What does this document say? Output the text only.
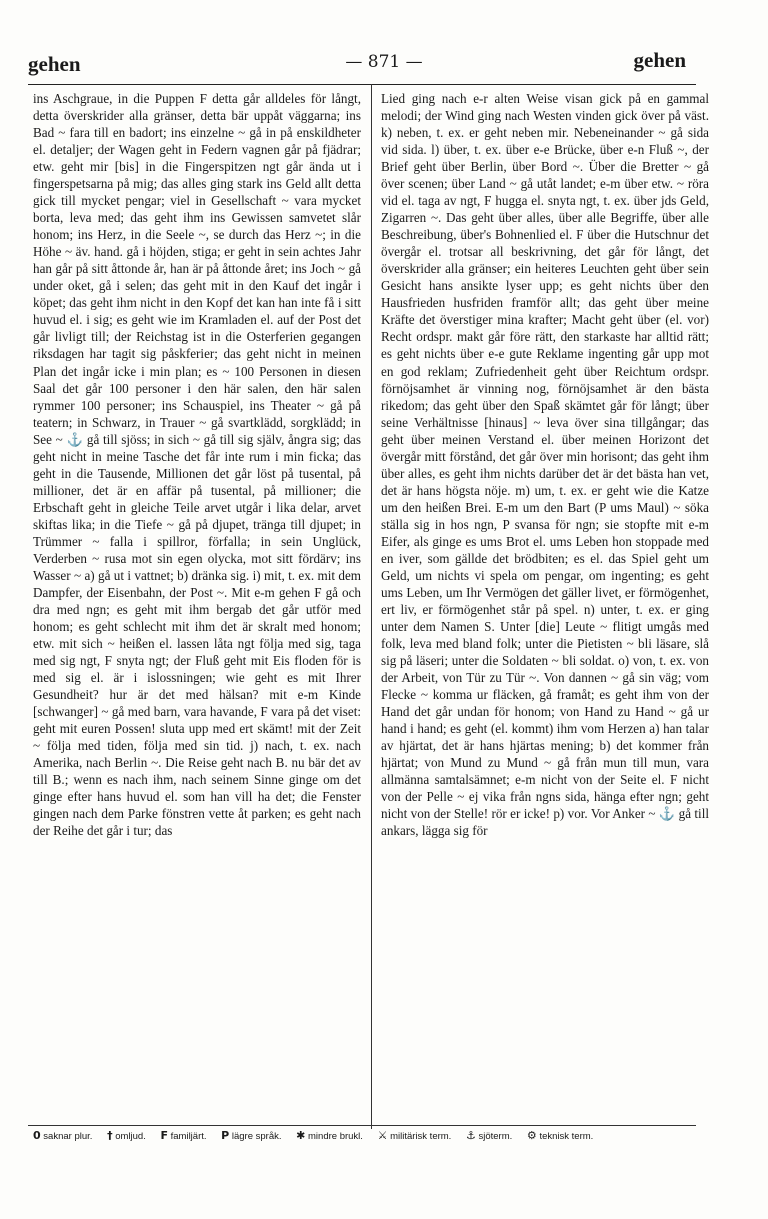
gehen	— 871 —	gehen
ins Aschgraue, in die Puppen F detta går alldeles för långt, detta överskrider alla gränser, detta bär uppåt väggarna; ins Bad ~ fara till en badort; ins einzelne ~ gå in på enskildheter el. detaljer; der Wagen geht in Federn vagnen går på fjädrar; etw. geht mir [bis] in die Fingerspitzen ngt går ända ut i fingerspetsarna på mig; das alles ging stark ins Geld allt detta gick till mycket pengar; viel in Gesellschaft ~ vara mycket borta, leva med; das geht ihm ins Gewissen samvetet slår honom; ins Herz, in die Seele ~, se durch das Herz ~; in die Höhe ~ äv. hand. gå i höjden, stiga; er geht in sein achtes Jahr han går på sitt åttonde år, han är på åttonde året; ins Joch ~ gå under oket, gå i selen; das geht mit in den Kauf det ingår i köpet; das geht ihm nicht in den Kopf det kan han inte få i sitt huvud el. i sig; es geht wie im Kramladen el. auf der Post det går livligt till; der Reichstag ist in die Osterferien gegangen riksdagen har tagit sig påskferier; das geht nicht in meinen Plan det ingår icke i min plan; es ~ 100 Personen in diesen Saal det går 100 personer i den här salen, den här salen rymmer 100 personer; ins Schauspiel, ins Theater ~ gå på teatern; in Schwarz, in Trauer ~ gå svartklädd, sorgklädd; in See ~ ⚓ gå till sjöss; in sich ~ gå till sig själv, ångra sig; das geht nicht in meine Tasche det får inte rum i min ficka; das geht in die Tausende, Millionen det går löst på tusental, på millioner, det är en affär på tusental, på millioner; die Erbschaft geht in gleiche Teile arvet utgår i lika delar, arvet skiftas lika; in die Tiefe ~ gå på djupet, tränga till djupet; in Trümmer ~ falla i spillror, förfalla; in sein Unglück, Verderben ~ rusa mot sin egen olycka, mot sitt fördärv; ins Wasser ~ a) gå ut i vattnet; b) dränka sig. i) mit, t. ex. mit dem Dampfer, der Eisenbahn, der Post ~. Mit e-m gehen F gå och dra med ngn; es geht mit ihm bergab det går utför med honom; es geht schlecht mit ihm det är skralt med honom; etw. mit sich ~ heißen el. lassen låta ngt följa med sig, taga med sig ngt, F snyta ngt; der Fluß geht mit Eis floden för is med sig el. är i islossningen; wie geht es mit Ihrer Gesundheit? hur är det med hälsan? mit e-m Kinde [schwanger] ~ gå med barn, vara havande, F vara på det viset: geht mit euren Possen! sluta upp med ert skämt! mit der Zeit ~ följa med tiden, följa med sin tid. j) nach, t. ex. nach Amerika, nach Berlin ~. Die Reise geht nach B. nu bär det av till B.; wenn es nach ihm, nach seinem Sinne ginge om det ginge efter hans huvud el. som han vill ha det; die Fenster gingen nach dem Parke fönstren vette åt parken; es geht nach der Reihe det går i tur; das
Lied ging nach e-r alten Weise visan gick på en gammal melodi; der Wind ging nach Westen vinden gick över på väst. k) neben, t. ex. er geht neben mir. Nebeneinander ~ gå sida vid sida. l) über, t. ex. über e-e Brücke, über e-n Fluß ~, der Brief geht über Berlin, über Bord ~. Über die Bretter ~ gå över scenen; über Land ~ gå utåt landet; e-m über etw. ~ röra vid el. taga av ngt, F hugga el. snyta ngt, t. ex. über jds Geld, Zigarren ~. Das geht über alles, über alle Begriffe, über alle Beschreibung, über's Bohnenlied el. F über die Hutschnur det övergår el. trotsar all beskrivning, det går för långt, det överskrider alla gränser; ein heiteres Leuchten geht über sein Gesicht hans ansikte lyser upp; es geht nichts über den Hausfrieden husfriden framför allt; das geht über meine Kräfte det överstiger mina krafter; Macht geht über (el. vor) Recht ordspr. makt går före rätt, den starkaste har alltid rätt; es geht nichts über e-e gute Reklame ingenting går upp mot en god reklam; Zufriedenheit geht über Reichtum ordspr. förnöjsamhet är vinning nog, förnöjsamhet är den bästa rikedom; das geht über den Spaß skämtet går för långt; über seine Verhältnisse [hinaus] ~ leva över sina tillgångar; das geht über meinen Verstand el. über meinen Horizont det övergår mitt förstånd, det går över min horisont; das geht ihm über alles, es geht ihm nichts darüber det är det bästa han vet, det är hans högsta nöje. m) um, t. ex. er geht wie die Katze um den heißen Brei. E-m um den Bart (P ums Maul) ~ söka ställa sig in hos ngn, P svansa för ngn; sie stopfte mit e-m Eifer, als ginge es ums Brot el. ums Leben hon stoppade med en iver, som gällde det brödbiten; es el. das Spiel geht um Geld, um nichts vi spela om pengar, om ingenting; es geht ums Leben, um Ihr Vermögen det gäller livet, er förmögenhet, ert liv, er förmögenhet står på spel. n) unter, t. ex. er ging unter dem Namen S. Unter [die] Leute ~ flitigt umgås med folk, leva med bland folk; unter die Pietisten ~ bli läsare, slå sig på läseri; unter die Soldaten ~ bli soldat. o) von, t. ex. von der Arbeit, von Tür zu Tür ~. Von dannen ~ gå sin väg; vom Flecke ~ komma ur fläcken, gå framåt; es geht ihm von der Hand det går undan för honom; von Hand zu Hand ~ gå ur hand i hand; es geht (el. kommt) ihm vom Herzen a) han talar av hjärtat, det är hans hjärtas mening; b) det kommer från hjärtat; von Mund zu Mund ~ gå från mun till mun, vara allmänna samtalsämnet; e-m nicht von der Seite el. F nicht von der Pelle ~ ej vika från ngns sida, hänga efter ngn; geht nicht von der Stelle! rör er icke! p) vor. Vor Anker ~ ⚓ gå till ankars, lägga sig för
0 saknar plur. † omljud. F familjärt. P lägre språk. ✱ mindre brukl. ⚔ militärisk term. ⚓ sjöterm. ⚙ teknisk term.
